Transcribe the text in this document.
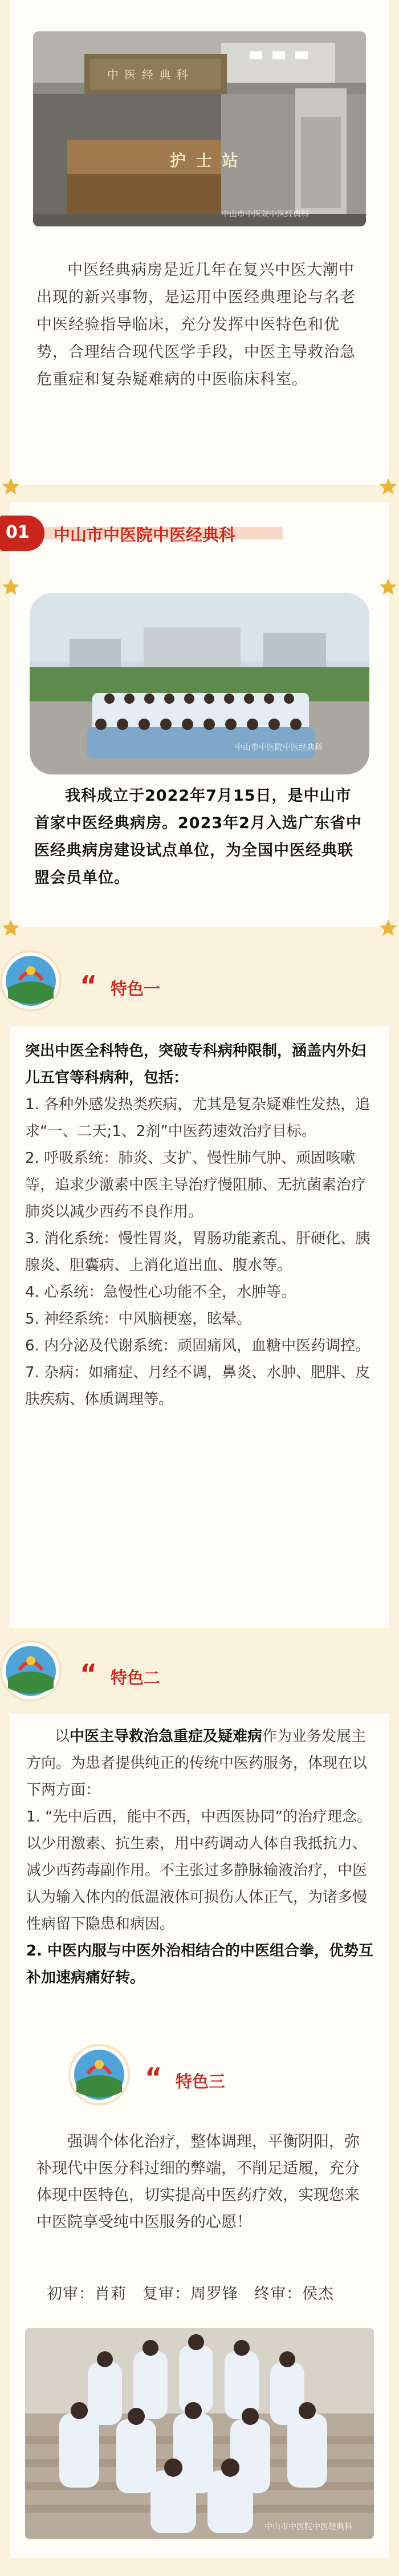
中 医 经 典 科
护 士 站
中山市中医院中医经典科

中医经典病房是近几年在复兴中医大潮中出现的新兴事物，是运用中医经典理论与名老中医经验指导临床，充分发挥中医特色和优势，合理结合现代医学手段，中医主导救治急危重症和复杂疑难病的中医临床科室。

01 中山市中医院中医经典科
中山市中医院中医经典科

我科成立于2022年7月15日，是中山市首家中医经典病房。2023年2月入选广东省中医经典病房建设试点单位，为全国中医经典联盟会员单位。

“ 特色一

突出中医全科特色，突破专科病种限制，涵盖内外妇儿五官等科病种，包括：

1. 各种外感发热类疾病，尤其是复杂疑难性发热，追求“一、二天;1、2剂”中医药速效治疗目标。

2. 呼吸系统：肺炎、支扩、慢性肺气肿、顽固咳嗽等，追求少激素中医主导治疗慢阻肺、无抗菌素治疗肺炎以减少西药不良作用。

3. 消化系统：慢性胃炎，胃肠功能紊乱、肝硬化、胰腺炎、胆囊病、上消化道出血、腹水等。

4. 心系统：急慢性心功能不全，水肿等。

5. 神经系统：中风脑梗塞，眩晕。

6. 内分泌及代谢系统：顽固痛风，血糖中医药调控。

7. 杂病：如痛症、月经不调，鼻炎、水肿、肥胖、皮肤疾病、体质调理等。

“ 特色二

以中医主导救治急重症及疑难病作为业务发展主方向。为患者提供纯正的传统中医药服务，体现在以下两方面：

1. “先中后西，能中不西，中西医协同”的治疗理念。以少用激素、抗生素，用中药调动人体自我抵抗力、减少西药毒副作用。不主张过多静脉输液治疗，中医认为输入体内的低温液体可损伤人体正气，为诸多慢性病留下隐患和病因。

2. 中医内服与中医外治相结合的中医组合拳，优势互补加速病痛好转。

“ 特色三

强调个体化治疗，整体调理，平衡阴阳，弥补现代中医分科过细的弊端，不削足适履，充分体现中医特色，切实提高中医药疗效，实现您来中医院享受纯中医服务的心愿！

初审：肖莉　复审：周罗锋　终审：侯杰
中山市中医院中医经典科
